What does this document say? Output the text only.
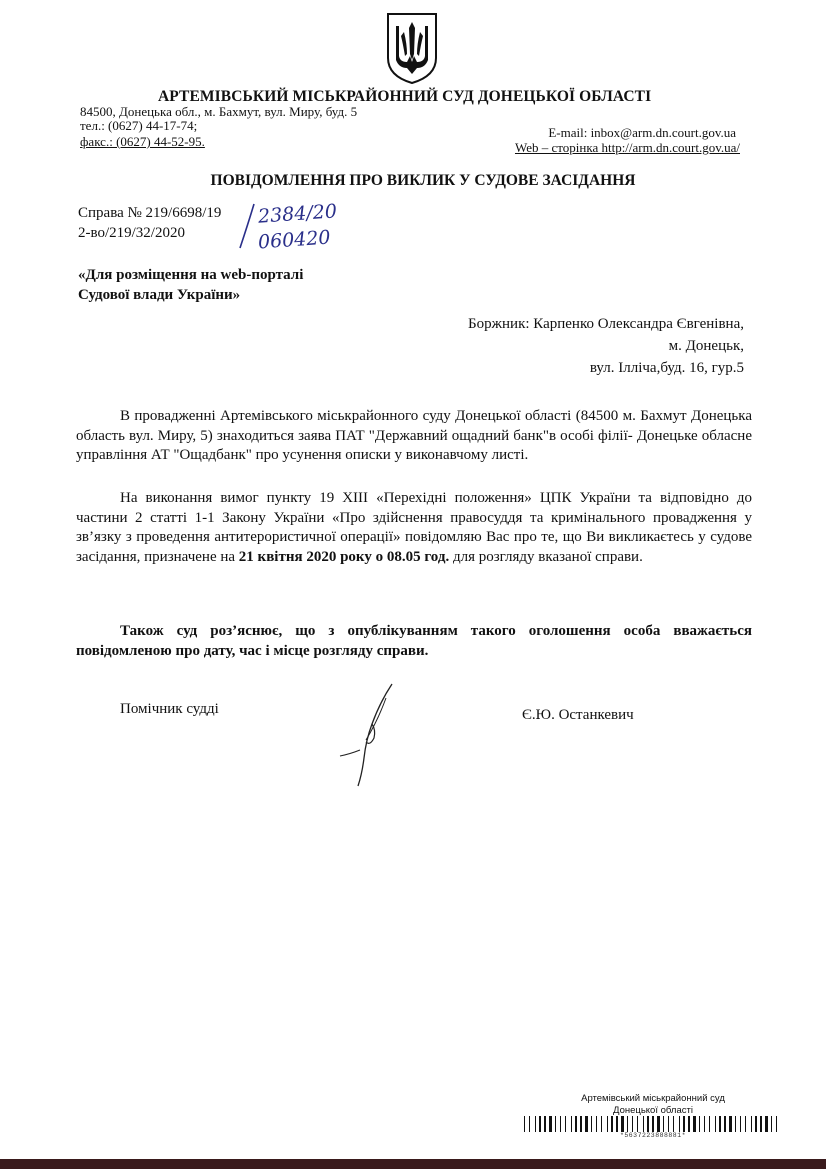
АРТЕМІВСЬКИЙ МІСЬКРАЙОННИЙ СУД ДОНЕЦЬКОЇ ОБЛАСТІ
84500, Донецька обл., м. Бахмут, вул. Миру, буд. 5
тел.: (0627) 44-17-74;
факс.: (0627) 44-52-95.
E-mail: inbox@arm.dn.court.gov.ua
Web – сторінка http://arm.dn.court.gov.ua/
ПОВІДОМЛЕННЯ ПРО ВИКЛИК У СУДОВЕ ЗАСІДАННЯ
Справа № 219/6698/19
2-во/219/32/2020
2384/20
060420
«Для розміщення на web-порталі
Судової влади України»
Боржник: Карпенко Олександра Євгенівна,
м. Донецьк,
вул. Ілліча,буд. 16, гур.5
В провадженні Артемівського міськрайонного суду Донецької області (84500 м. Бахмут Донецька область вул. Миру, 5) знаходиться заява ПАТ "Державний ощадний банк"в особі філії- Донецьке обласне управління АТ "Ощадбанк" про усунення описки у виконавчому листі.
На виконання вимог пункту 19 ХIII «Перехідні положення» ЦПК України та відповідно до частини 2 статті 1-1 Закону України «Про здійснення правосуддя та кримінального провадження у зв’язку з проведення антитерористичної операції» повідомляю Вас про те, що Ви викликаєтесь у судове засідання, призначене на 21 квітня 2020 року о 08.05 год. для розгляду вказаної справи.
Також суд роз’яснює, що з опублікуванням такого оголошення особа вважається повідомленою про дату, час і місце розгляду справи.
Помічник судді	Є.Ю. Останкевич
Артемівський міськрайонний суд
Донецької області
*5637223888881*
